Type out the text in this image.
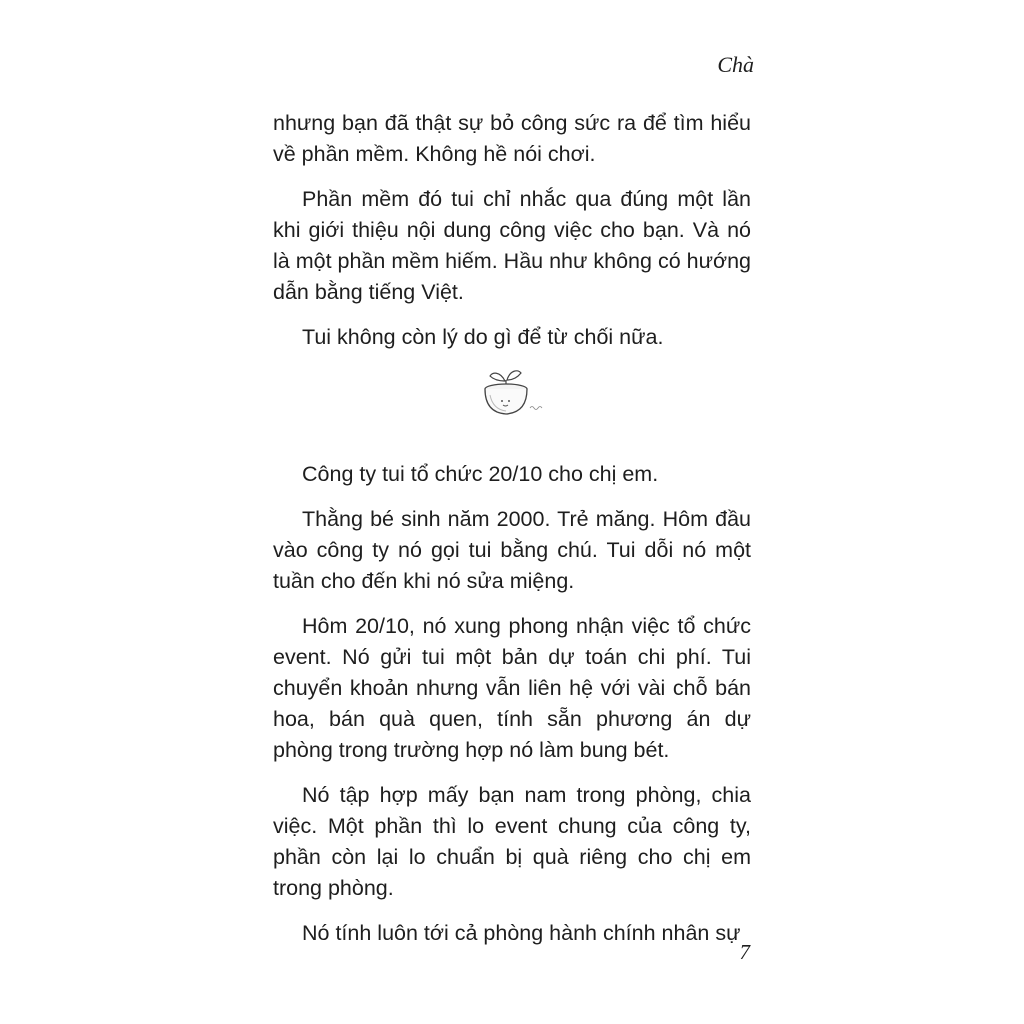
Chà

nhưng bạn đã thật sự bỏ công sức ra để tìm hiểu về phần mềm. Không hề nói chơi.

Phần mềm đó tui chỉ nhắc qua đúng một lần khi giới thiệu nội dung công việc cho bạn. Và nó là một phần mềm hiếm. Hầu như không có hướng dẫn bằng tiếng Việt.

Tui không còn lý do gì để từ chối nữa.

Công ty tui tổ chức 20/10 cho chị em.

Thằng bé sinh năm 2000. Trẻ măng. Hôm đầu vào công ty nó gọi tui bằng chú. Tui dỗi nó một tuần cho đến khi nó sửa miệng.

Hôm 20/10, nó xung phong nhận việc tổ chức event. Nó gửi tui một bản dự toán chi phí. Tui chuyển khoản nhưng vẫn liên hệ với vài chỗ bán hoa, bán quà quen, tính sẵn phương án dự phòng trong trường hợp nó làm bung bét.

Nó tập hợp mấy bạn nam trong phòng, chia việc. Một phần thì lo event chung của công ty, phần còn lại lo chuẩn bị quà riêng cho chị em trong phòng.

Nó tính luôn tới cả phòng hành chính nhân sự

7
